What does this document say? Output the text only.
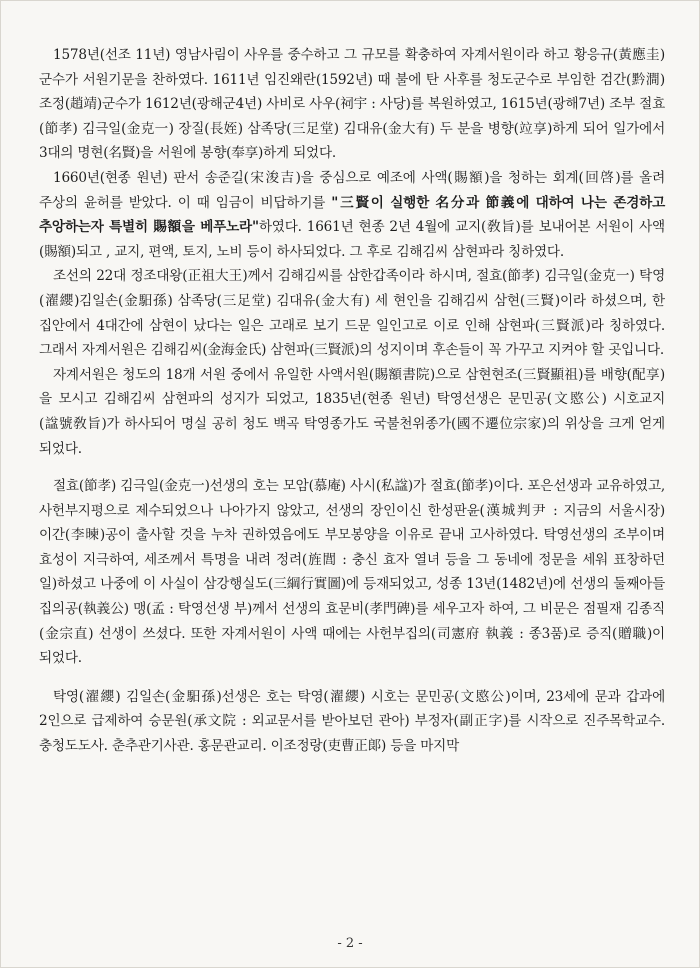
1578년(선조 11년) 영남사림이 사우를 중수하고 그 규모를 확충하여 자계서원이라 하고 황응규(黃應圭)군수가 서원기문을 찬하였다. 1611년 임진왜란(1592년) 때 불에 탄 사후를 청도군수로 부임한 검간(黔澗) 조정(趙靖)군수가 1612년(광해군4년) 사비로 사우(祠宇 : 사당)를 복원하였고, 1615년(광해7년) 조부 절효(節孝) 김극일(金克一) 장질(長姪) 삼족당(三足堂) 김대유(金大有) 두 분을 병향(竝享)하게 되어 일가에서 3대의 명현(名賢)을 서원에 봉향(奉享)하게 되었다.

1660년(현종 원년) 판서 송준길(宋浚吉)을 중심으로 예조에 사액(賜額)을 청하는 회계(回啓)를 올려 주상의 윤허를 받았다. 이 때 임금이 비답하기를 "三賢이 실행한 名分과 節義에 대하여 나는 존경하고 추앙하는자 특별히 賜額을 베푸노라"하였다. 1661년 현종 2년 4월에 교지(敎旨)를 보내어본 서원이 사액(賜額)되고 , 교지, 편액, 토지, 노비 등이 하사되었다. 그 후로 김해김씨 삼현파라 칭하였다.

조선의 22대 정조대왕(正祖大王)께서 김해김씨를 삼한갑족이라 하시며, 절효(節孝) 김극일(金克一) 탁영(濯纓)김일손(金馹孫) 삼족당(三足堂) 김대유(金大有) 세 현인을 김해김씨 삼현(三賢)이라 하셨으며, 한 집안에서 4대간에 삼현이 났다는 일은 고래로 보기 드문 일인고로 이로 인해 삼현파(三賢派)라 칭하였다. 그래서 자계서원은 김해김씨(金海金氏) 삼현파(三賢派)의 성지이며 후손들이 꼭 가꾸고 지켜야 할 곳입니다.

자계서원은 청도의 18개 서원 중에서 유일한 사액서원(賜額書院)으로 삼현현조(三賢顯祖)를 배향(配享)을 모시고 김해김씨 삼현파의 성지가 되었고, 1835년(현종 원년) 탁영선생은 문민공(文愍公) 시호교지(諡號敎旨)가 하사되어 명실 공히 청도 백곡 탁영종가도 국불천위종가(國不遷位宗家)의 위상을 크게 얻게 되었다.

절효(節孝) 김극일(金克一)선생의 호는 모암(慕庵) 사시(私諡)가 절효(節孝)이다. 포은선생과 교유하였고, 사헌부지평으로 제수되었으나 나아가지 않았고, 선생의 장인이신 한성판윤(漢城判尹 : 지금의 서울시장) 이간(李暕)공이 출사할 것을 누차 권하였음에도 부모봉양을 이유로 끝내 고사하였다. 탁영선생의 조부이며 효성이 지극하여, 세조께서 특명을 내려 정려(旌閭 : 충신 효자 열녀 등을 그 동네에 정문을 세워 표창하던 일)하셨고 나중에 이 사실이 삼강행실도(三綱行實圖)에 등재되었고, 성종 13년(1482년)에 선생의 둘째아들 집의공(執義公) 맹(孟 : 탁영선생 부)께서 선생의 효문비(孝門碑)를 세우고자 하여, 그 비문은 점필재 김종직(金宗直) 선생이 쓰셨다. 또한 자계서원이 사액 때에는 사헌부집의(司憲府 執義 : 종3품)로 증직(贈職)이 되었다.

탁영(濯纓) 김일손(金馹孫)선생은 호는 탁영(濯纓) 시호는 문민공(文愍公)이며, 23세에 문과 갑과에 2인으로 급제하여 승문원(承文院 : 외교문서를 받아보던 관아) 부정자(副正字)를 시작으로 진주목학교수. 충청도도사. 춘추관기사관. 홍문관교리. 이조정랑(吏曹正郞) 등을 마지막

- 2 -
